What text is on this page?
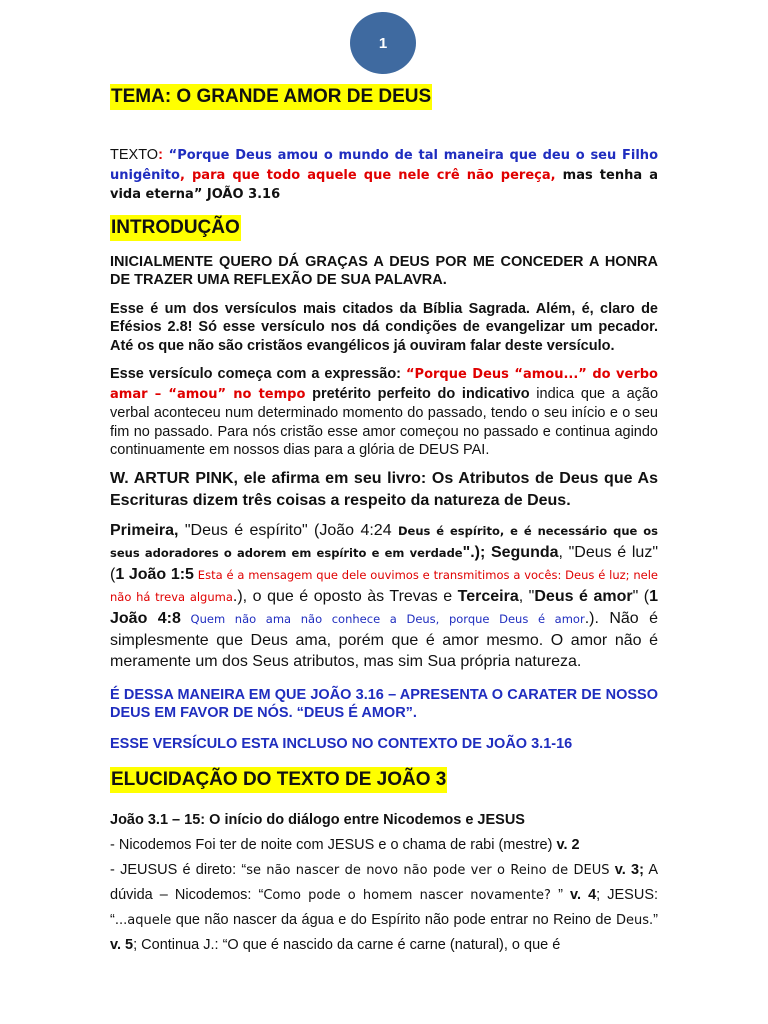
1
TEMA: O GRANDE AMOR DE DEUS
TEXTO: “Porque Deus amou o mundo de tal maneira que deu o seu Filho unigênito, para que todo aquele que nele crê não pereça, mas tenha a vida eterna” JOÃO 3.16
INTRODUÇÃO
INICIALMENTE QUERO DÁ GRAÇAS A DEUS POR ME CONCEDER A HONRA DE TRAZER UMA REFLEXÃO DE SUA PALAVRA.
Esse é um dos versículos mais citados da Bíblia Sagrada. Além, é, claro de Efésios 2.8! Só esse versículo nos dá condições de evangelizar um pecador. Até os que não são cristãos evangélicos já ouviram falar deste versículo.
Esse versículo começa com a expressão: “Porque Deus “amou...” do verbo amar – “amou” no tempo pretérito perfeito do indicativo indica que a ação verbal aconteceu num determinado momento do passado, tendo o seu início e o seu fim no passado. Para nós cristão esse amor começou no passado e continua agindo continuamente em nossos dias para a glória de DEUS PAI.
W. ARTUR PINK, ele afirma em seu livro: Os Atributos de Deus que As Escrituras dizem três coisas a respeito da natureza de Deus.
Primeira, "Deus é espírito" (João 4:24 Deus é espírito, e é necessário que os seus adoradores o adorem em espírito e em verdade".); Segunda, "Deus é luz" (1 João 1:5 Esta é a mensagem que dele ouvimos e transmitimos a vocês: Deus é luz; nele não há treva alguma.), o que é oposto às Trevas e Terceira, "Deus é amor" (1 João 4:8 Quem não ama não conhece a Deus, porque Deus é amor.). Não é simplesmente que Deus ama, porém que é amor mesmo. O amor não é meramente um dos Seus atributos, mas sim Sua própria natureza.
É DESSA MANEIRA EM QUE JOÃO 3.16 – APRESENTA O CARATER DE NOSSO DEUS EM FAVOR DE NÓS. “DEUS É AMOR”.
ESSE VERSÍCULO ESTA INCLUSO NO CONTEXTO DE JOÃO 3.1-16
ELUCIDAÇÃO DO TEXTO DE JOÃO 3
João 3.1 – 15: O início do diálogo entre Nicodemos e JESUS
- Nicodemos Foi ter de noite com JESUS e o chama de rabi (mestre) v. 2
- JEUSUS é direto: “se não nascer de novo não pode ver o Reino de DEUS v. 3; A dúvida – Nicodemos: “Como pode o homem nascer novamente? ” v. 4; JESUS: “...aquele que não nascer da água e do Espírito não pode entrar no Reino de Deus.” v. 5; Continua J.: “O que é nascido da carne é carne (natural), o que é
